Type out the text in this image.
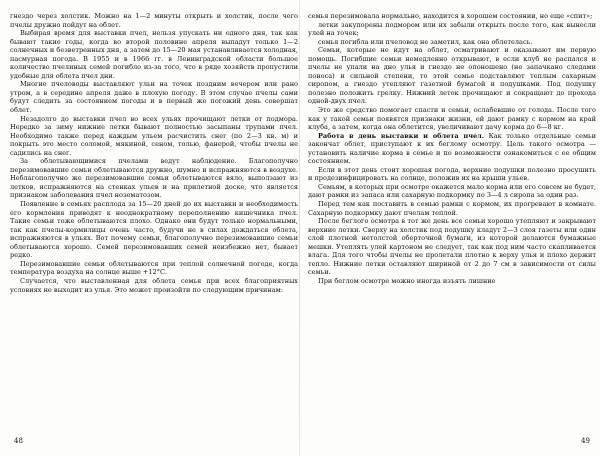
гнездо через холстик. Можно на 1—2 минуты открыть и холстик, после чего пчелы дружно пойдут на облет.

Выбирая время для выставки пчел, нельзя упускать ни одного дня, так как бывают такие годы, когда во второй половине апреля выпадут только 1—2 солнечных и безветренных дня, а затем до 15—20 мая устанавливается холодная, пасмурная погода. В 1955 и в 1966 гг. в Ленинградской области большое количество пчелиных семей погибло из-за того, что в ряде хозяйств пропустили удобные для облета пчел дни.

Многие пчеловоды выставляют ульи на точек поздним вечером или рано утром, а в середине апреля даже в плохую погоду. В этом случае пчелы сами будут следить за состоянием погоды и в первый же погожий день совершат облет.

Незадолго до выставки пчел во всех ульях прочищают летки от подмора. Нередко за зиму нижние летки бывают полностью засыпаны трупами пчел. Необходимо также перед каждым ульем расчистить снег (по 2—3 кв. м) и покрыть это место соломой, мякиной, сеном, толью, фанерой, чтобы пчелы не садились на снег.

За облетывающимися пчелами ведут наблюдение. Благополучно перезимовавшие семьи облетываются дружно, шумно и испражняются в воздухе. Неблагополучно же перезимовавшие семьи облетываются вяло, выползают из летков, испражняются на стенках ульев и на прилетной доске, что является признаком заболевания пчел нозематозом.

Появление в семьях расплода за 15—20 дней до их выставки и необходимость его кормления приводят к неоднократному переполнению кишечника пчел. Такие семьи тоже облетываются плохо. Однако они будут только нормальными, так как пчелы-кормилицы очень часто, будучи не в силах дождаться облета, испражняются в ульях. Вот почему семьи, благополучно перезимовавшие семьи облетываются хорошо. Семей перезимовавших семей неизбежно нет, бывает редко.

Перезимовавшие семьи облетываются при теплой солнечной погоде, когда температура воздуха на солнце выше +12°С.

Случается, что выставленная для облета семья при всех благоприятных условиях не выходит из улья. Это может произойти по следующим причинам:

48

семья перезимовала нормально, находится в хорошем состоянии, но еще «спит»;

летки закупорены подмором или их забыли открыть после того, как вынесли улей на точек;

семья погибла или пчеловод не заметил, как она облетелась.

Семьи, которые не идут на облет, осматривают и оказывают им первую помощь. Погибшие семьи немедленно открывают, в если клуб не распался и пчелы не упали на дно улья и гнездо не опоношено (не запачкано следами поноса) и сильной степени, то этой семье подставляют теплым сахарным сиропом, а гнездо утепляют газетной бумагой и подушками. Под подушку полезно положить грелку. Нижний леток прочищают и сокращают до прохода одной-двух пчел.

Это же средство помогает спасти и семьи, ослабевшие от голода. После того как у такой семьи появятся признаки жизни, ей дают рамку с кормом на край клуба, а затем, когда она облетится, увеличивают дачу корма до 6—8 кг.

Работа в день выставки и облета пчел. Как только отдельные семьи закончат облет, приступают к их беглому осмотру. Цель такого осмотра — установить наличие корма в семье и по возможности ознакомиться с ее общим состоянием.

Если в этот день стоит хорошая погода, верхние подушки полезно просушить и продезинфицировать на солнце, положив их на крыши ульев.

Семьям, в которых при осмотре окажется мало корма или его совсем не будет, дают рамки из запаса или сахарную подкормку по 3—4 л сиропа за один раз.

Перед тем как поставить в семью рамки с кормом, их прогревают в комнате. Сахарную подкормку дают пчелам теплой.

После беглого осмотра в тот же день все семьи хорошо утепляют и закрывают верхние летки. Сверху на холстик под подушку кладут 2—3 слоя газеты или один слой плотной нетолстой оберточной бумаги, из которой делаются бумажные мешки. Утеплять улей картоном не следует, так как под ним часто скапливается влага. Для того чтобы пчелы не пролетали плотно к верху улья и плохо держит тепло. Нижние летки оставляют шириной от 2 до 7 см в зависимости от силы семьи.

При беглом осмотре можно иногда изъять лишние

49
